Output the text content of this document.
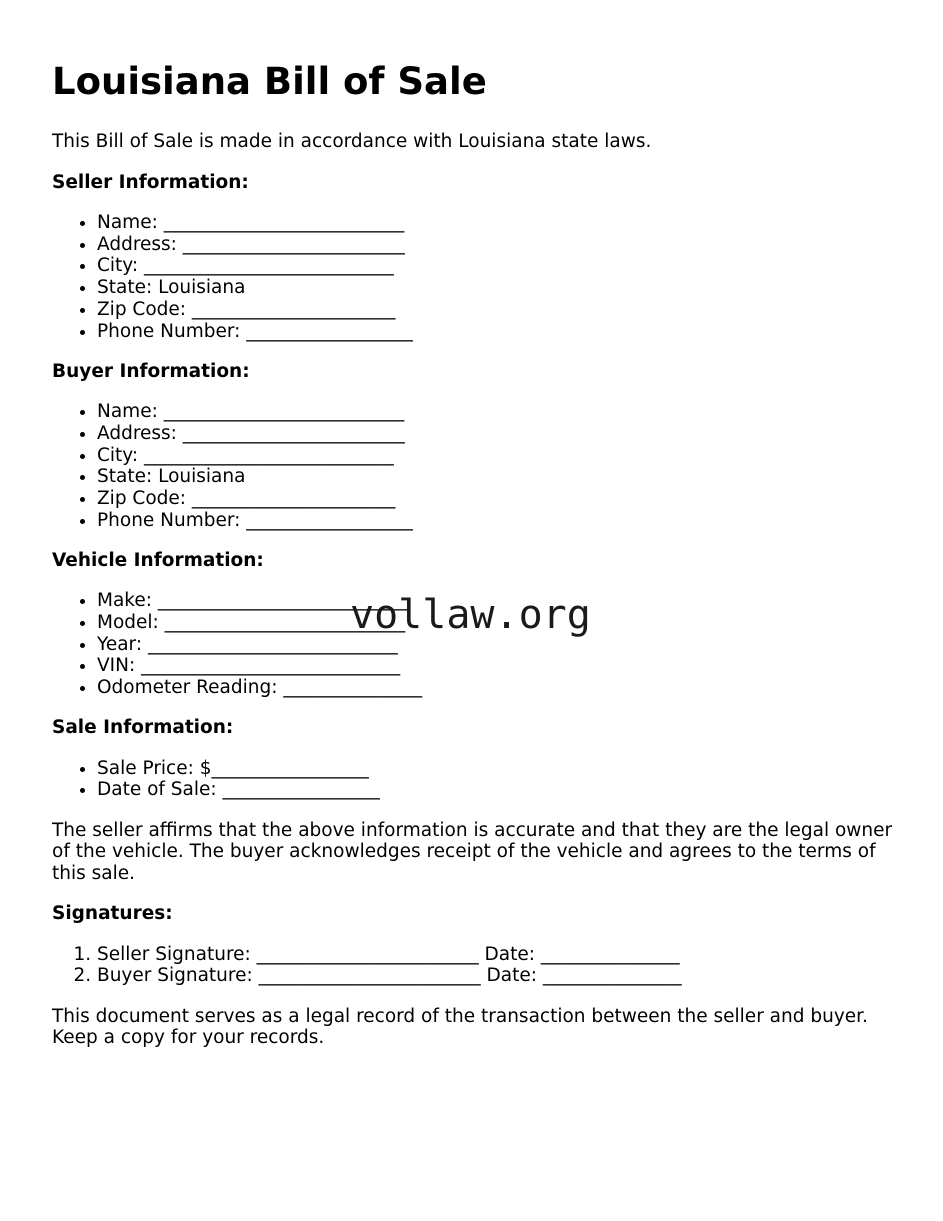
Louisiana Bill of Sale

This Bill of Sale is made in accordance with Louisiana state laws.

Seller Information:
• Name: __________________________
• Address: ________________________
• City: ___________________________
• State: Louisiana
• Zip Code: ______________________
• Phone Number: __________________
Buyer Information:
• Name: __________________________
• Address: ________________________
• City: ___________________________
• State: Louisiana
• Zip Code: ______________________
• Phone Number: __________________
Vehicle Information:
• Make: ___________________________
• Model: __________________________
• Year: ___________________________
• VIN: ____________________________
• Odometer Reading: _______________
Sale Information:
• Sale Price: $_________________
• Date of Sale: _________________

The seller affirms that the above information is accurate and that they are the legal owner of the vehicle. The buyer acknowledges receipt of the vehicle and agrees to the terms of this sale.

Signatures:
1. Seller Signature: ________________________ Date: _______________
2. Buyer Signature: ________________________ Date: _______________

This document serves as a legal record of the transaction between the seller and buyer. Keep a copy for your records.

vollaw.org
